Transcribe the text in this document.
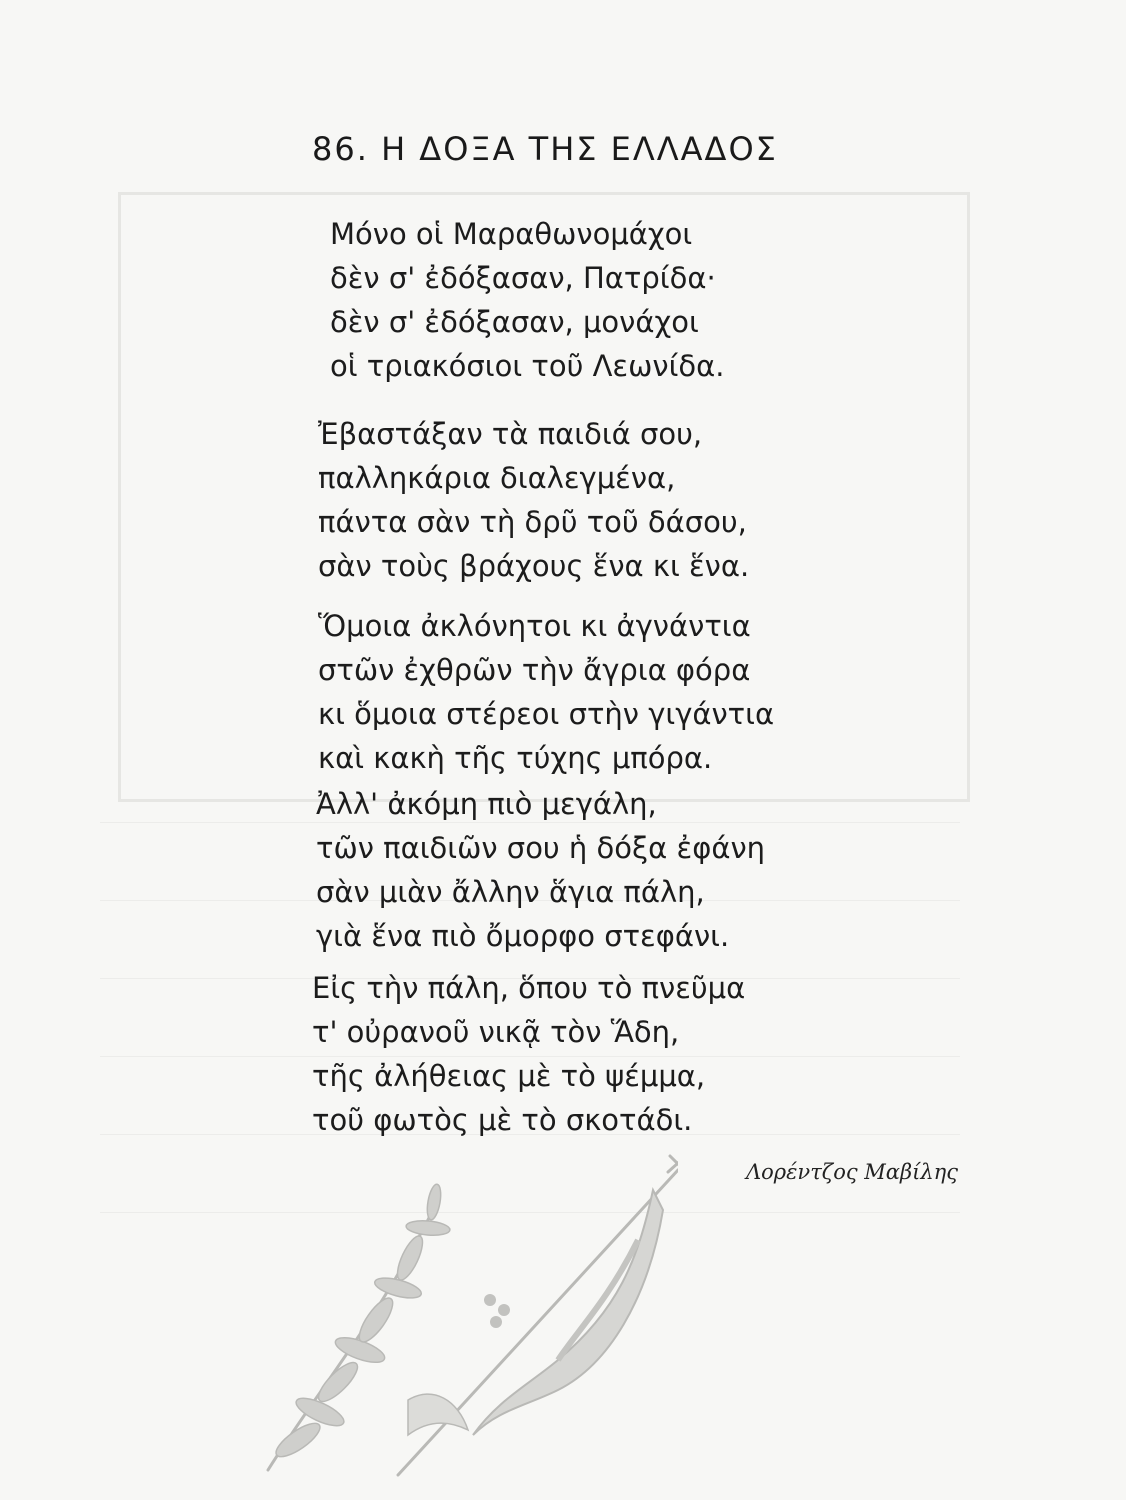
86. Η ΔΟΞΑ ΤΗΣ ΕΛΛΑΔΟΣ
Μόνο οἱ Μαραθωνομάχοι
δὲν σ' ἐδόξασαν, Πατρίδα·
δὲν σ' ἐδόξασαν, μονάχοι
οἱ τριακόσιοι τοῦ Λεωνίδα.
Ἐβαστάξαν τὰ παιδιά σου,
παλληκάρια διαλεγμένα,
πάντα σὰν τὴ δρῦ τοῦ δάσου,
σὰν τοὺς βράχους ἕνα κι ἕνα.
Ὅμοια ἀκλόνητοι κι ἀγνάντια
στῶν ἐχθρῶν τὴν ἄγρια φόρα
κι ὅμοια στέρεοι στὴν γιγάντια
καὶ κακὴ τῆς τύχης μπόρα.
Ἀλλ' ἀκόμη πιὸ μεγάλη,
τῶν παιδιῶν σου ἡ δόξα ἐφάνη
σὰν μιὰν ἄλλην ἅγια πάλη,
γιὰ ἕνα πιὸ ὄμορφο στεφάνι.
Εἰς τὴν πάλη, ὅπου τὸ πνεῦμα
τ' οὐρανοῦ νικᾷ τὸν Ἅδη,
τῆς ἀλήθειας μὲ τὸ ψέμμα,
τοῦ φωτὸς μὲ τὸ σκοτάδι.
Λορέντζος Μαβίλης
